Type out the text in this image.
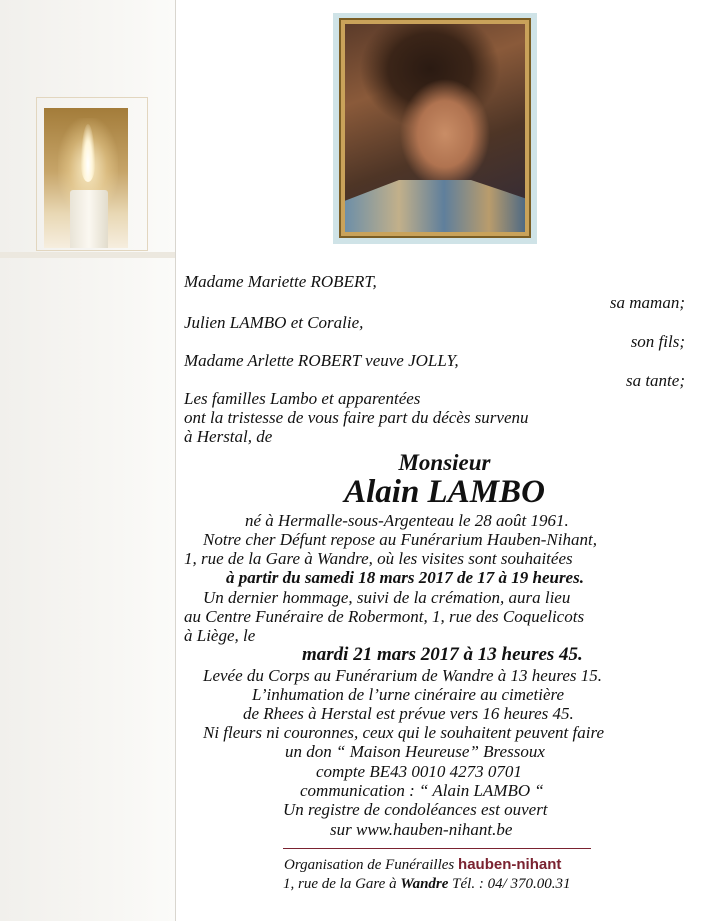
Madame Mariette ROBERT,
sa maman;
Julien LAMBO et Coralie,
son fils;
Madame Arlette ROBERT veuve JOLLY,
sa tante;
Les familles Lambo et apparentées
ont la tristesse de vous faire part du décès survenu
à Herstal, de
Monsieur
Alain LAMBO
né à Hermalle-sous-Argenteau le 28 août 1961.
Notre cher Défunt repose au Funérarium Hauben-Nihant,
1, rue de la Gare à Wandre, où les visites sont souhaitées
à partir du samedi 18 mars 2017 de 17 à 19 heures.
Un dernier hommage, suivi de la crémation, aura lieu
au Centre Funéraire de Robermont, 1, rue des Coquelicots
à Liège, le
mardi 21 mars 2017 à 13 heures 45.
Levée du Corps au Funérarium de Wandre à 13 heures 15.
L’inhumation de l’urne cinéraire au cimetière
de Rhees à Herstal est prévue vers 16 heures 45.
Ni fleurs ni couronnes, ceux qui le souhaitent peuvent faire
un don “ Maison Heureuse” Bressoux
compte BE43 0010 4273 0701
communication : “ Alain LAMBO “
Un registre de condoléances est ouvert
sur www.hauben-nihant.be
Organisation de Funérailles hauben-nihant
1, rue de la Gare à Wandre Tél. : 04/ 370.00.31
